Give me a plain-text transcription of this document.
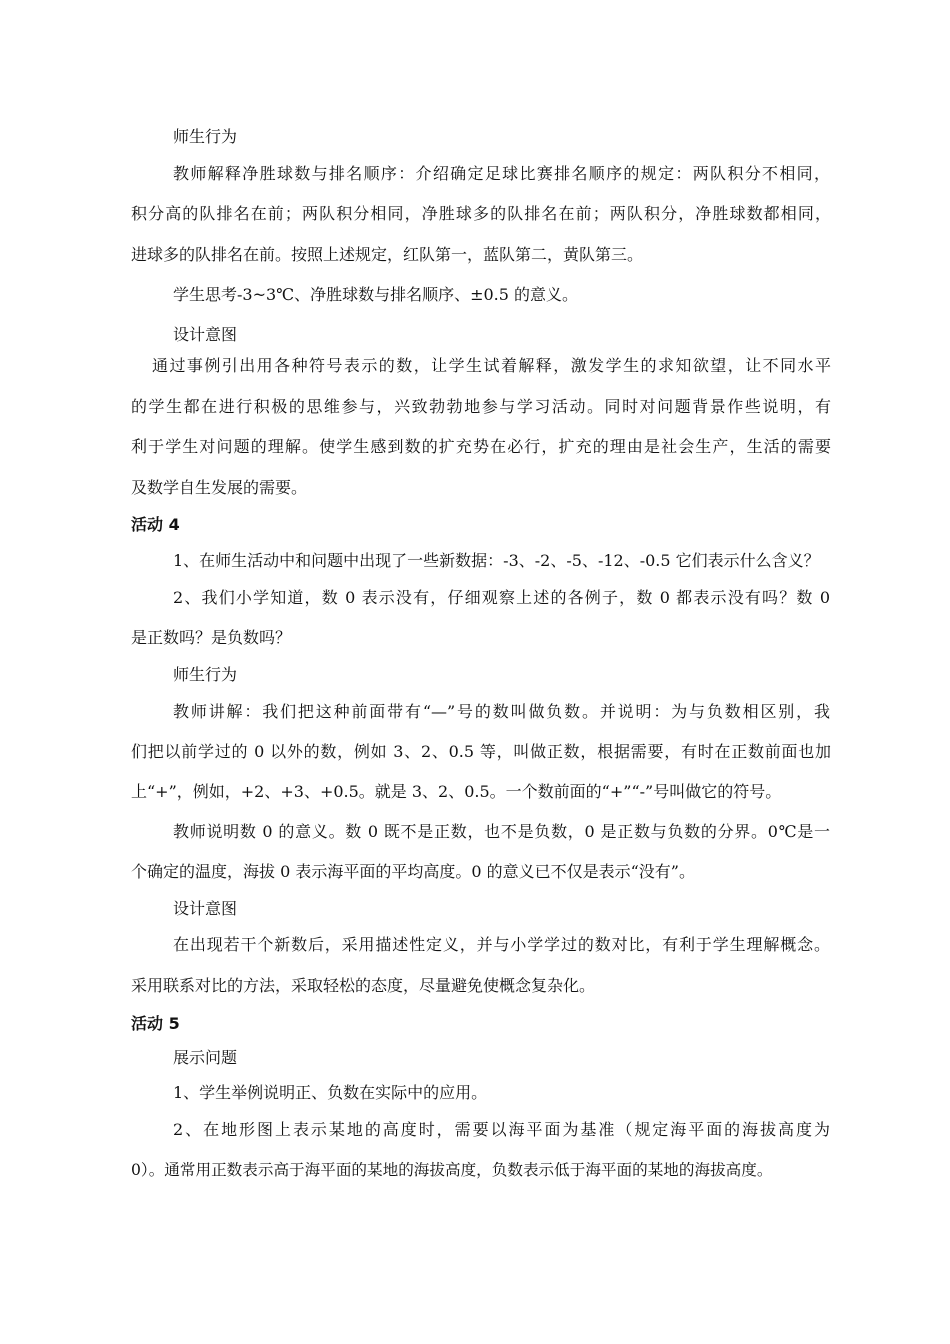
师生行为
教师解释净胜球数与排名顺序：介绍确定足球比赛排名顺序的规定：两队积分不相同，
积分高的队排名在前；两队积分相同，净胜球多的队排名在前；两队积分，净胜球数都相同，
进球多的队排名在前。按照上述规定，红队第一，蓝队第二，黄队第三。
学生思考-3~3℃、净胜球数与排名顺序、±0.5 的意义。
设计意图
通过事例引出用各种符号表示的数，让学生试着解释，激发学生的求知欲望，让不同水平
的学生都在进行积极的思维参与，兴致勃勃地参与学习活动。同时对问题背景作些说明，有
利于学生对问题的理解。使学生感到数的扩充势在必行，扩充的理由是社会生产，生活的需要
及数学自生发展的需要。
活动 4
1、在师生活动中和问题中出现了一些新数据：-3、-2、-5、-12、-0.5 它们表示什么含义？
2、我们小学知道，数 0 表示没有，仔细观察上述的各例子，数 0 都表示没有吗？数 0
是正数吗？是负数吗？
师生行为
教师讲解：我们把这种前面带有“—”号的数叫做负数。并说明：为与负数相区别，我
们把以前学过的 0 以外的数，例如 3、2、0.5 等，叫做正数，根据需要，有时在正数前面也加
上“+”，例如，+2、+3、+0.5。就是 3、2、0.5。一个数前面的“+”“-”号叫做它的符号。
教师说明数 0 的意义。数 0 既不是正数，也不是负数，0 是正数与负数的分界。0℃是一
个确定的温度，海拔 0 表示海平面的平均高度。0 的意义已不仅是表示“没有”。
设计意图
在出现若干个新数后，采用描述性定义，并与小学学过的数对比，有利于学生理解概念。
采用联系对比的方法，采取轻松的态度，尽量避免使概念复杂化。
活动 5
展示问题
1、学生举例说明正、负数在实际中的应用。
2、在地形图上表示某地的高度时，需要以海平面为基准（规定海平面的海拔高度为
0）。通常用正数表示高于海平面的某地的海拔高度，负数表示低于海平面的某地的海拔高度。
